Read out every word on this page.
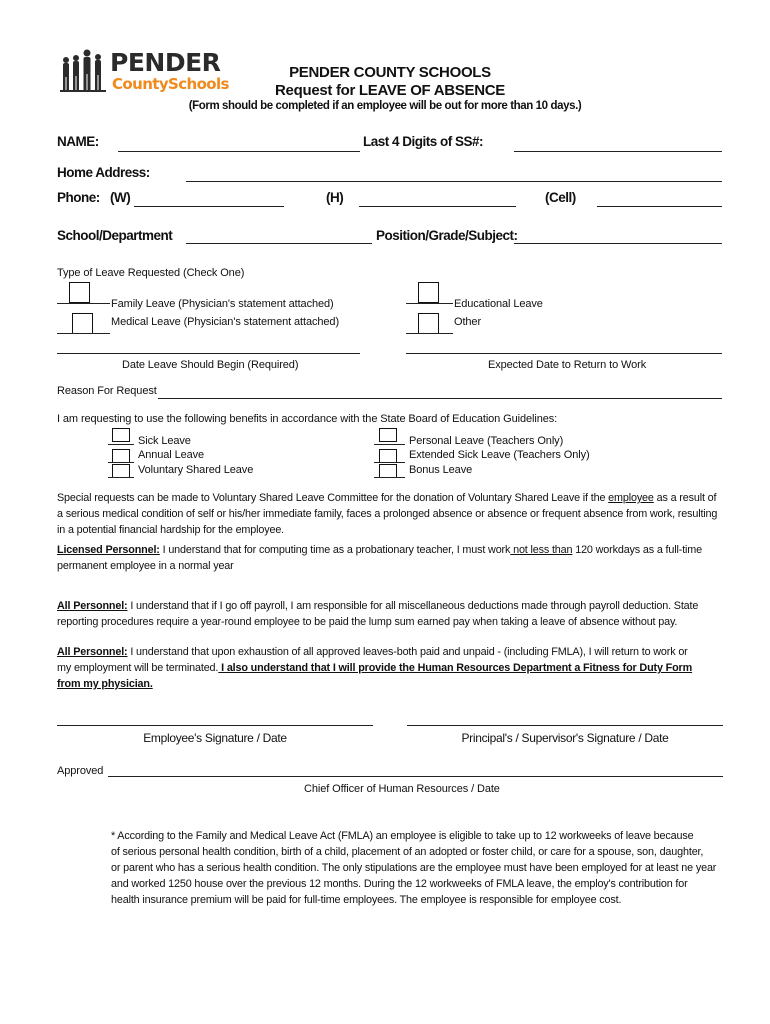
PENDER
CountySchools
PENDER COUNTY SCHOOLS
Request for LEAVE OF ABSENCE
(Form should be completed if an employee will be out for more than 10 days.)
NAME:	Last 4 Digits of SS#:
Home Address:
Phone: (W)	(H)	(Cell)
School/Department	Position/Grade/Subject:
Type of Leave Requested (Check One)
Family Leave (Physician's statement attached)
Medical Leave (Physician's statement attached)
Educational Leave
Other
Date Leave Should Begin (Required)	Expected Date to Return to Work
Reason For Request
I am requesting to use the following benefits in accordance with the State Board of Education Guidelines:
Sick Leave
Annual Leave
Voluntary Shared Leave
Personal Leave (Teachers Only)
Extended Sick Leave (Teachers Only)
Bonus Leave
Special requests can be made to Voluntary Shared Leave Committee for the donation of Voluntary Shared Leave if the employee as a result of
a serious medical condition of self or his/her immediate family, faces a prolonged absence or absence or frequent absence from work, resulting
in a potential financial hardship for the employee.
Licensed Personnel: I understand that for computing time as a probationary teacher, I must work not less than 120 workdays as a full-time
permanent employee in a normal year
All Personnel: I understand that if I go off payroll, I am responsible for all miscellaneous deductions made through payroll deduction. State
reporting procedures require a year-round employee to be paid the lump sum earned pay when taking a leave of absence without pay.
All Personnel: I understand that upon exhaustion of all approved leaves-both paid and unpaid - (including FMLA), I will return to work or
my employment will be terminated. I also understand that I will provide the Human Resources Department a Fitness for Duty Form
from my physician.
Employee's Signature / Date	Principal's / Supervisor's Signature / Date
Approved
Chief Officer of Human Resources / Date
* According to the Family and Medical Leave Act (FMLA) an employee is eligible to take up to 12 workweeks of leave because
of serious personal health condition, birth of a child, placement of an adopted or foster child, or care for a spouse, son, daughter,
or parent who has a serious health condition. The only stipulations are the employee must have been employed for at least ne year
and worked 1250 house over the previous 12 months. During the 12 workweeks of FMLA leave, the employ's contribution for
health insurance premium will be paid for full-time employees. The employee is responsible for employee cost.
